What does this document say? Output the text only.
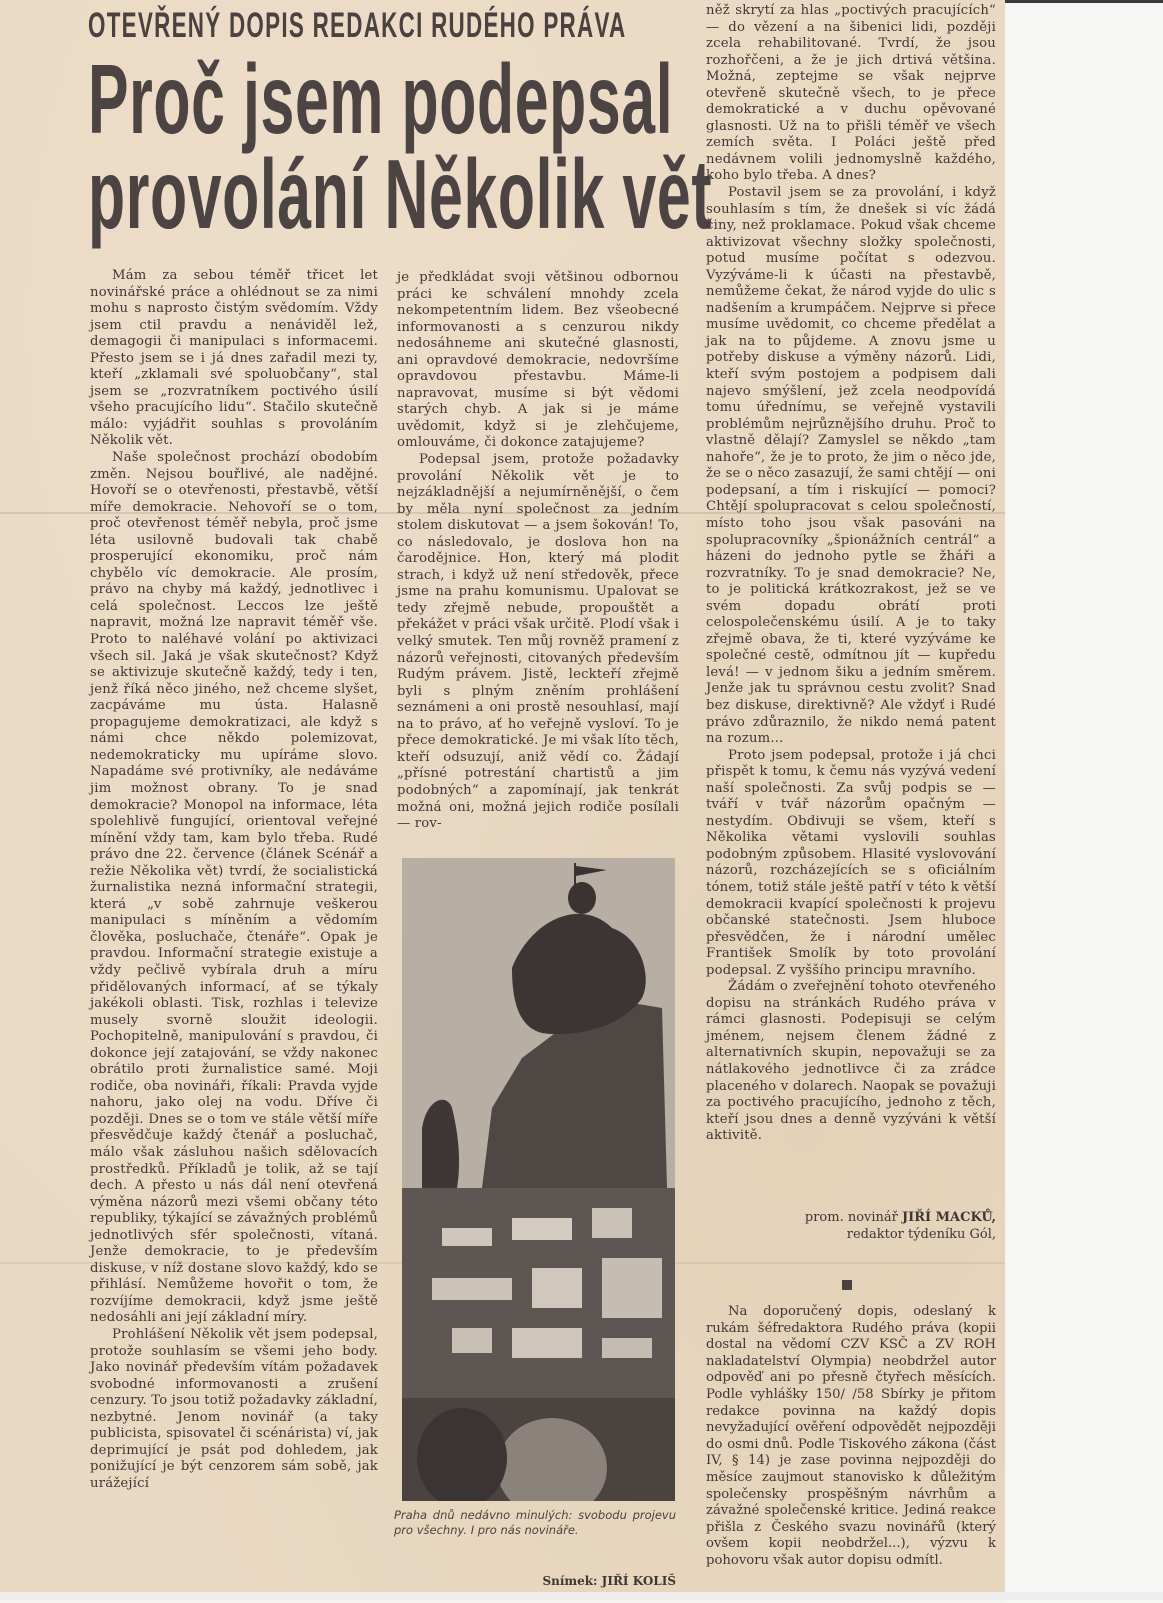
OTEVŘENÝ DOPIS REDAKCI RUDÉHO PRÁVA
Proč jsem podepsal
provolání Několik vět

Mám za sebou téměř třicet let novinářské práce a ohlédnout se za nimi mohu s naprosto čistým svědomím. Vždy jsem ctil pravdu a nenáviděl lež, demagogii či manipulaci s informacemi. Přesto jsem se i já dnes zařadil mezi ty, kteří „zklamali své spoluobčany“, stal jsem se „rozvratníkem poctivého úsilí všeho pracujícího lidu“. Stačilo skutečně málo: vyjádřit souhlas s provoláním Několik vět.

Naše společnost prochází obodobím změn. Nejsou bouřlivé, ale nadějné. Hovoří se o otevřenosti, přestavbě, větší míře demokracie. Nehovoří se o tom, proč otevřenost téměř nebyla, proč jsme léta usilovně budovali tak chabě prosperující ekonomiku, proč nám chybělo víc demokracie. Ale prosím, právo na chyby má každý, jednotlivec i celá společnost. Leccos lze ještě napravit, možná lze napravit téměř vše. Proto to naléhavé volání po aktivizaci všech sil. Jaká je však skutečnost? Když se aktivizuje skutečně každý, tedy i ten, jenž říká něco jiného, než chceme slyšet, zacpáváme mu ústa. Halasně propagujeme demokratizaci, ale když s námi chce někdo polemizovat, nedemokraticky mu upíráme slovo. Napadáme své protivníky, ale nedáváme jim možnost obrany. To je snad demokracie? Monopol na informace, léta spolehlivě fungující, orientoval veřejné mínění vždy tam, kam bylo třeba. Rudé právo dne 22. července (článek Scénář a režie Několika vět) tvrdí, že socialistická žurnalistika nezná informační strategii, která „v sobě zahrnuje veškerou manipulaci s míněním a vědomím člověka, posluchače, čtenáře“. Opak je pravdou. Informační strategie existuje a vždy pečlivě vybírala druh a míru přidělovaných informací, ať se týkaly jakékoli oblasti. Tisk, rozhlas i televize musely svorně sloužit ideologii. Pochopitelně, manipulování s pravdou, či dokonce její zatajování, se vždy nakonec obrátilo proti žurnalistice samé. Moji rodiče, oba novináři, říkali: Pravda vyjde nahoru, jako olej na vodu. Dříve či později. Dnes se o tom ve stále větší míře přesvědčuje každý čtenář a posluchač, málo však zásluhou našich sdělovacích prostředků. Příkladů je tolik, až se tají dech. A přesto u nás dál není otevřená výměna názorů mezi všemi občany této republiky, týkající se závažných problémů jednotlivých sfér společnosti, vítaná. Jenže demokracie, to je především diskuse, v níž dostane slovo každý, kdo se přihlásí. Nemůžeme hovořit o tom, že rozvíjíme demokracii, když jsme ještě nedosáhli ani její základní míry.

Prohlášení Několik vět jsem podepsal, protože souhlasím se všemi jeho body. Jako novinář především vítám požadavek svobodné informovanosti a zrušení cenzury. To jsou totiž požadavky základní, nezbytné. Jenom novinář (a taky publicista, spisovatel či scénárista) ví, jak deprimující je psát pod dohledem, jak ponižující je být cenzorem sám sobě, jak urážející

je předkládat svoji většinou odbornou práci ke schválení mnohdy zcela nekompetentním lidem. Bez všeobecné informovanosti a s cenzurou nikdy nedosáhneme ani skutečné glasnosti, ani opravdové demokracie, nedovršíme opravdovou přestavbu. Máme-li napravovat, musíme si být vědomi starých chyb. A jak si je máme uvědomit, když si je zlehčujeme, omlouváme, či dokonce zatajujeme?

Podepsal jsem, protože požadavky provolání Několik vět je to nejzákladnější a nejumírněnější, o čem by měla nyní společnost za jedním stolem diskutovat — a jsem šokován! To, co následovalo, je doslova hon na čarodějnice. Hon, který má plodit strach, i když už není středověk, přece jsme na prahu komunismu. Upalovat se tedy zřejmě nebude, propouštět a překážet v práci však určitě. Plodí však i velký smutek. Ten můj rovněž pramení z názorů veřejnosti, citovaných především Rudým právem. Jistě, leckteří zřejmě byli s plným zněním prohlášení seznámeni a oni prostě nesouhlasí, mají na to právo, ať ho veřejně vysloví. To je přece demokratické. Je mi však líto těch, kteří odsuzují, aniž vědí co. Žádají „přísné potrestání chartistů a jim podobných“ a zapomínají, jak tenkrát možná oni, možná jejich rodiče posílali — rov-

Praha dnů nedávno minulých: svobodu projevu pro všechny. I pro nás novináře.
Snímek: JIŘÍ KOLIŠ

něž skrytí za hlas „poctivých pracujících“ — do vězení a na šibenici lidi, později zcela rehabilitované. Tvrdí, že jsou rozhořčeni, a že je jich drtivá většina. Možná, zeptejme se však nejprve otevřeně skutečně všech, to je přece demokratické a v duchu opěvované glasnosti. Už na to přišli téměř ve všech zemích světa. I Poláci ještě před nedávnem volili jednomyslně každého, koho bylo třeba. A dnes?

Postavil jsem se za provolání, i když souhlasím s tím, že dnešek si víc žádá činy, než proklamace. Pokud však chceme aktivizovat všechny složky společnosti, potud musíme počítat s odezvou. Vyzýváme-li k účasti na přestavbě, nemůžeme čekat, že národ vyjde do ulic s nadšením a krumpáčem. Nejprve si přece musíme uvědomit, co chceme předělat a jak na to půjdeme. A znovu jsme u potřeby diskuse a výměny názorů. Lidi, kteří svým postojem a podpisem dali najevo smýšlení, jež zcela neodpovídá tomu úřednímu, se veřejně vystavili problémům nejrůznějšího druhu. Proč to vlastně dělají? Zamyslel se někdo „tam nahoře“, že je to proto, že jim o něco jde, že se o něco zasazují, že sami chtějí — oni podepsaní, a tím i riskující — pomoci? Chtějí spolupracovat s celou společností, místo toho jsou však pasováni na spolupracovníky „špionážních centrál“ a házeni do jednoho pytle se žháři a rozvratníky. To je snad demokracie? Ne, to je politická krátkozrakost, jež se ve svém dopadu obrátí proti celospolečenskému úsilí. A je to taky zřejmě obava, že ti, které vyzýváme ke společné cestě, odmítnou jít — kupředu levá! — v jednom šiku a jedním směrem. Jenže jak tu správnou cestu zvolit? Snad bez diskuse, direktivně? Ale vždyť i Rudé právo zdůraznilo, že nikdo nemá patent na rozum...

Proto jsem podepsal, protože i já chci přispět k tomu, k čemu nás vyzývá vedení naší společnosti. Za svůj podpis se — tváří v tvář názorům opačným — nestydím. Obdivuji se všem, kteří s Několika větami vyslovili souhlas podobným způsobem. Hlasité vyslovování názorů, rozcházejících se s oficiálním tónem, totiž stále ještě patří v této k větší demokracii kvapící společnosti k projevu občanské statečnosti. Jsem hluboce přesvědčen, že i národní umělec František Smolík by toto provolání podepsal. Z vyššího principu mravního.

Žádám o zveřejnění tohoto otevřeného dopisu na stránkách Rudého práva v rámci glasnosti. Podepisuji se celým jménem, nejsem členem žádné z alternativních skupin, nepovažuji se za nátlakového jednotlivce či za zrádce placeného v dolarech. Naopak se považuji za poctivého pracujícího, jednoho z těch, kteří jsou dnes a denně vyzýváni k větší aktivitě.

prom. novinář JIŘÍ MACKŮ,
redaktor týdeníku Gól,

Na doporučený dopis, odeslaný k rukám šéfredaktora Rudého práva (kopii dostal na vědomí CZV KSČ a ZV ROH nakladatelství Olympia) neobdržel autor odpověď ani po přesně čtyřech měsících. Podle vyhlášky 150/ /58 Sbírky je přitom redakce povinna na každý dopis nevyžadující ověření odpovědět nejpozději do osmi dnů. Podle Tiskového zákona (část IV, § 14) je zase povinna nejpozději do měsíce zaujmout stanovisko k důležitým společensky prospěšným návrhům a závažné společenské kritice. Jediná reakce přišla z Českého svazu novinářů (který ovšem kopii neobdržel...), výzvu k pohovoru však autor dopisu odmítl.
